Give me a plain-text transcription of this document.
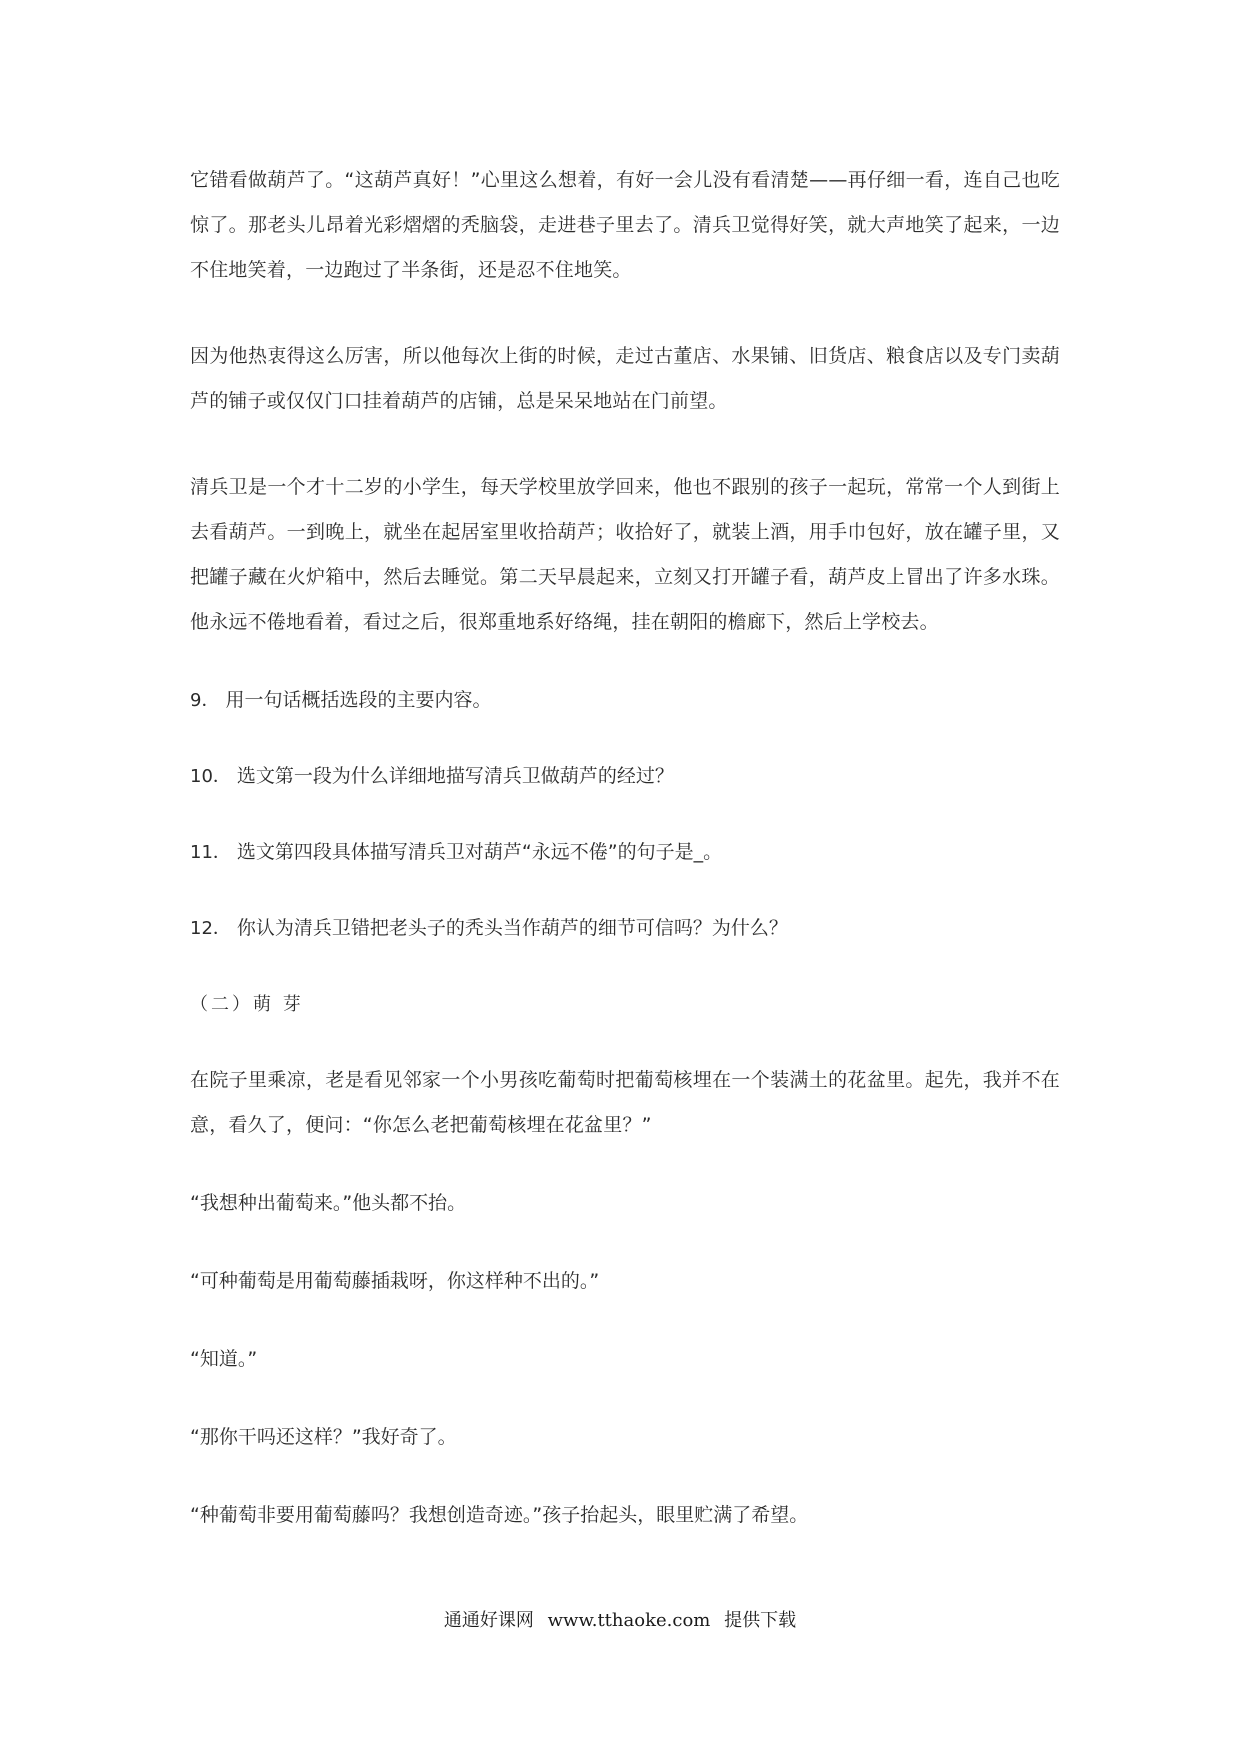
它错看做葫芦了。“这葫芦真好！”心里这么想着，有好一会儿没有看清楚——再仔细一看，连自己也吃惊了。那老头儿昂着光彩熠熠的秃脑袋，走进巷子里去了。清兵卫觉得好笑，就大声地笑了起来，一边不住地笑着，一边跑过了半条街，还是忍不住地笑。

因为他热衷得这么厉害，所以他每次上街的时候，走过古董店、水果铺、旧货店、粮食店以及专门卖葫芦的铺子或仅仅门口挂着葫芦的店铺，总是呆呆地站在门前望。

清兵卫是一个才十二岁的小学生，每天学校里放学回来，他也不跟别的孩子一起玩，常常一个人到街上去看葫芦。一到晚上，就坐在起居室里收拾葫芦；收拾好了，就装上酒，用手巾包好，放在罐子里，又把罐子藏在火炉箱中，然后去睡觉。第二天早晨起来，立刻又打开罐子看，葫芦皮上冒出了许多水珠。他永远不倦地看着，看过之后，很郑重地系好络绳，挂在朝阳的檐廊下，然后上学校去。

9． 用一句话概括选段的主要内容。
10． 选文第一段为什么详细地描写清兵卫做葫芦的经过？
11． 选文第四段具体描写清兵卫对葫芦“永远不倦”的句子是_。
12． 你认为清兵卫错把老头子的秃头当作葫芦的细节可信吗？为什么？
（二）萌 芽

在院子里乘凉，老是看见邻家一个小男孩吃葡萄时把葡萄核埋在一个装满土的花盆里。起先，我并不在意，看久了，便问：“你怎么老把葡萄核埋在花盆里？”

“我想种出葡萄来。”他头都不抬。
“可种葡萄是用葡萄藤插栽呀，你这样种不出的。”
“知道。”
“那你干吗还这样？”我好奇了。
“种葡萄非要用葡萄藤吗？我想创造奇迹。”孩子抬起头，眼里贮满了希望。
通通好课网 www.tthaoke.com 提供下载
